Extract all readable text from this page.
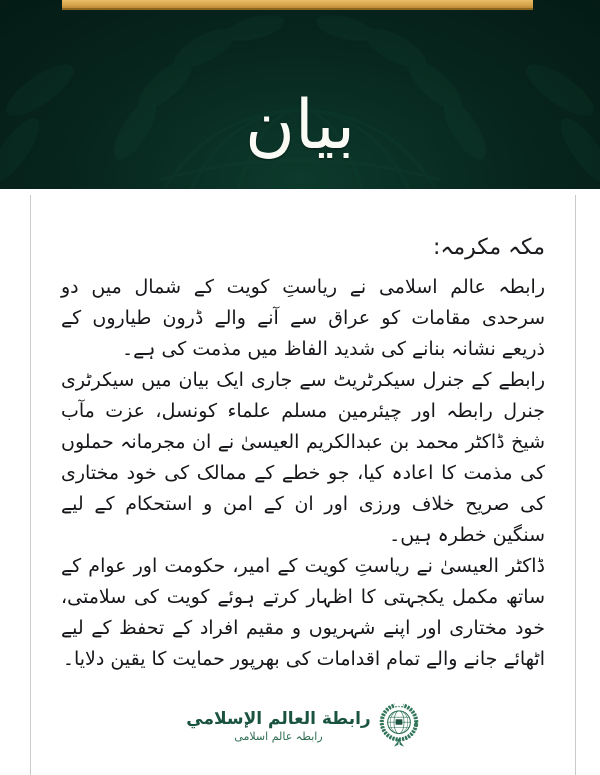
بيان
مکہ مکرمہ:

رابطہ عالم اسلامی نے ریاستِ کویت کے شمال میں دو سرحدی مقامات کو عراق سے آنے والے ڈرون طیاروں کے ذریعے نشانہ بنانے کی شدید الفاظ میں مذمت کی ہے۔

رابطے کے جنرل سیکرٹریٹ سے جاری ایک بیان میں سیکرٹری جنرل رابطہ اور چیئرمین مسلم علماء کونسل، عزت مآب شیخ ڈاکٹر محمد بن عبدالکریم العیسیٰ نے ان مجرمانہ حملوں کی مذمت کا اعادہ کیا، جو خطے کے ممالک کی خود مختاری کی صریح خلاف ورزی اور ان کے امن و استحکام کے لیے سنگین خطرہ ہیں۔

ڈاکٹر العیسیٰ نے ریاستِ کویت کے امیر، حکومت اور عوام کے ساتھ مکمل یکجہتی کا اظہار کرتے ہوئے کویت کی سلامتی، خود مختاری اور اپنے شہریوں و مقیم افراد کے تحفظ کے لیے اٹھائے جانے والے تمام اقدامات کی بھرپور حمایت کا یقین دلایا۔

رابطة العالم الإسلامي
رابطہ عالم اسلامی
